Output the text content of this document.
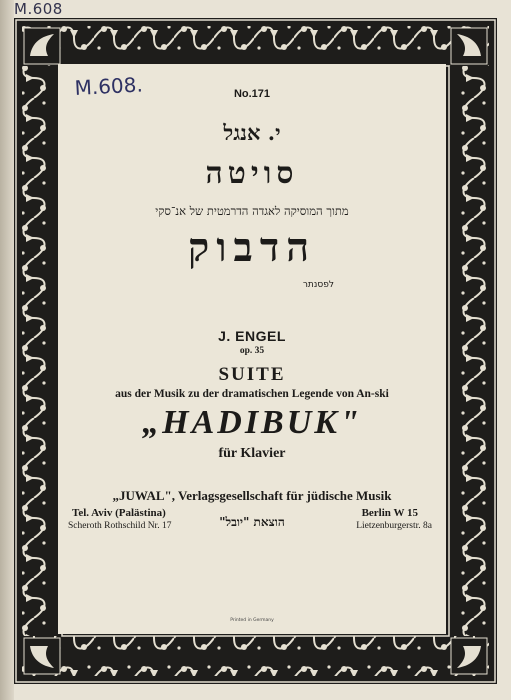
M.608
M.608.	No.171
י. אנגל
סויטה
מתוך המוסיקה לאגדה הדרמטית של אנ־סקי
הדבוק
לפסנתר
J. ENGEL
op. 35
SUITE
aus der Musik zu der dramatischen Legende von An-ski
„HADIBUK"
für Klavier
„JUWAL", Verlagsgesellschaft für jüdische Musik
Tel. Aviv (Palästina)
Scheroth Rothschild Nr. 17	הוצאת "יובל"
Berlin W 15
Lietzenburgerstr. 8a
Printed in Germany
